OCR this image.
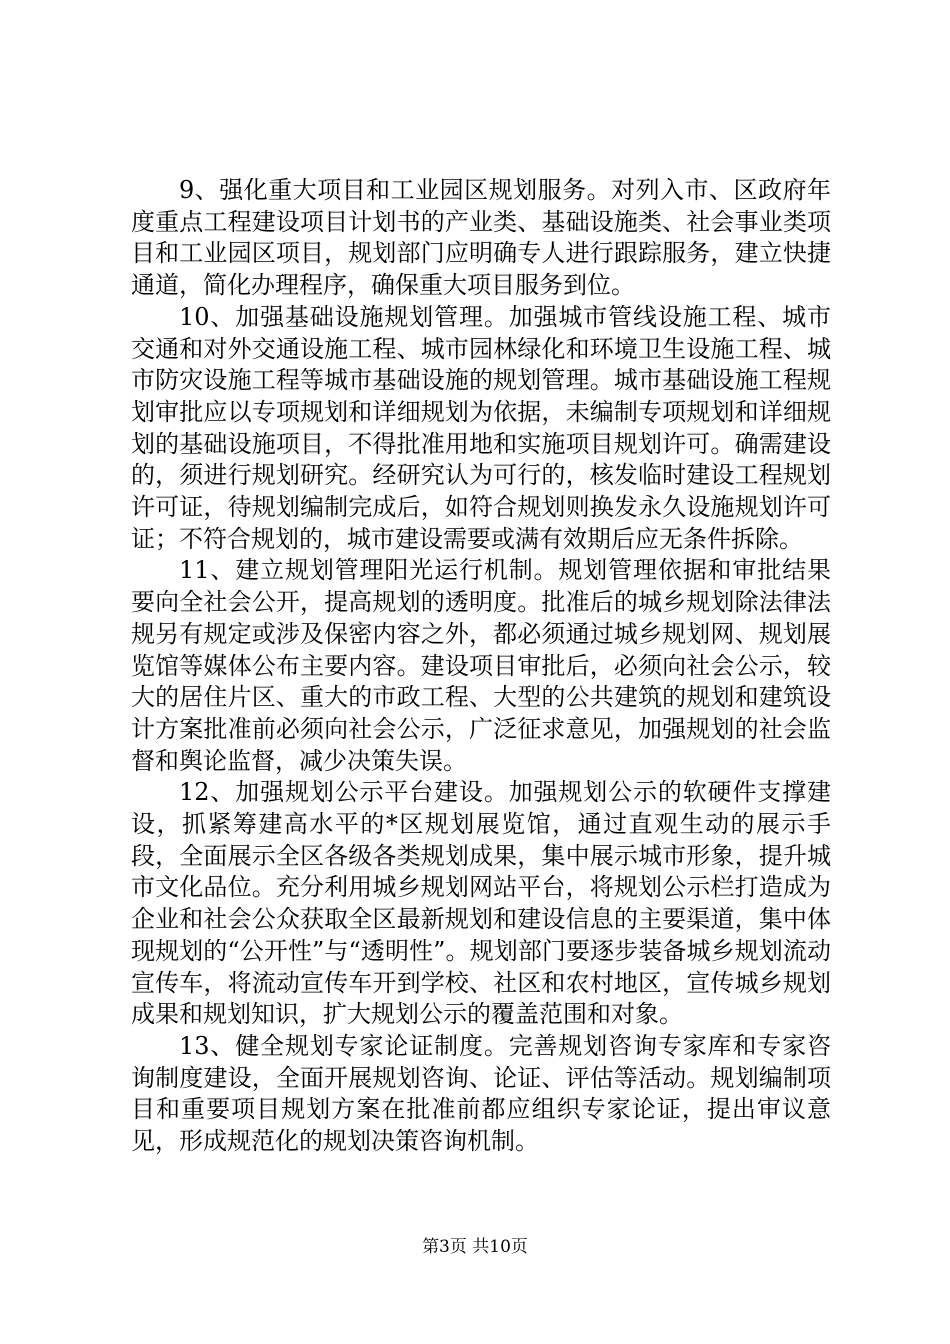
9、强化重大项目和工业园区规划服务。对列入市、区政府年度重点工程建设项目计划书的产业类、基础设施类、社会事业类项目和工业园区项目，规划部门应明确专人进行跟踪服务，建立快捷通道，简化办理程序，确保重大项目服务到位。

10、加强基础设施规划管理。加强城市管线设施工程、城市交通和对外交通设施工程、城市园林绿化和环境卫生设施工程、城市防灾设施工程等城市基础设施的规划管理。城市基础设施工程规划审批应以专项规划和详细规划为依据，未编制专项规划和详细规划的基础设施项目，不得批准用地和实施项目规划许可。确需建设的，须进行规划研究。经研究认为可行的，核发临时建设工程规划许可证，待规划编制完成后，如符合规划则换发永久设施规划许可证；不符合规划的，城市建设需要或满有效期后应无条件拆除。

11、建立规划管理阳光运行机制。规划管理依据和审批结果要向全社会公开，提高规划的透明度。批准后的城乡规划除法律法规另有规定或涉及保密内容之外，都必须通过城乡规划网、规划展览馆等媒体公布主要内容。建设项目审批后，必须向社会公示，较大的居住片区、重大的市政工程、大型的公共建筑的规划和建筑设计方案批准前必须向社会公示，广泛征求意见，加强规划的社会监督和舆论监督，减少决策失误。

12、加强规划公示平台建设。加强规划公示的软硬件支撑建设，抓紧筹建高水平的*区规划展览馆，通过直观生动的展示手段，全面展示全区各级各类规划成果，集中展示城市形象，提升城市文化品位。充分利用城乡规划网站平台，将规划公示栏打造成为企业和社会公众获取全区最新规划和建设信息的主要渠道，集中体现规划的“公开性”与“透明性”。规划部门要逐步装备城乡规划流动宣传车，将流动宣传车开到学校、社区和农村地区，宣传城乡规划成果和规划知识，扩大规划公示的覆盖范围和对象。

13、健全规划专家论证制度。完善规划咨询专家库和专家咨询制度建设，全面开展规划咨询、论证、评估等活动。规划编制项目和重要项目规划方案在批准前都应组织专家论证，提出审议意见，形成规范化的规划决策咨询机制。

第3页 共10页
